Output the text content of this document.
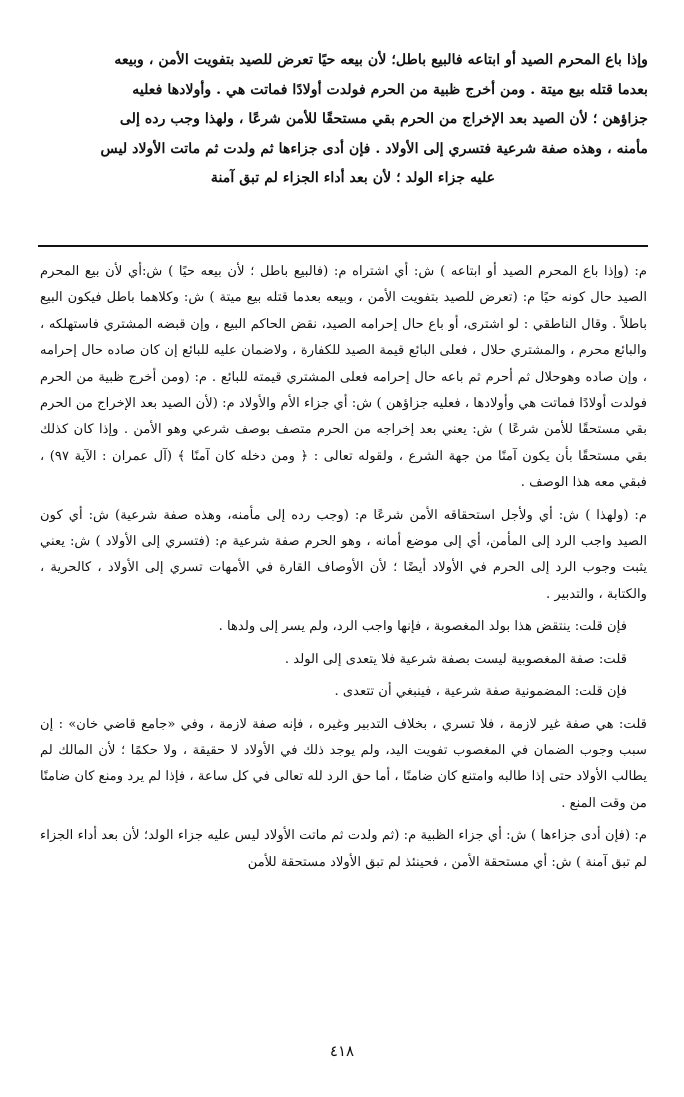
وإذا باع المحرم الصيد أو ابتاعه فالبيع باطل؛ لأن بيعه حيًا تعرض للصيد بتفويت الأمن ، وبيعه

بعدما قتله بيع ميتة . ومن أخرج ظبية من الحرم فولدت أولادًا فماتت هي . وأولادها فعليه

جزاؤهن ؛ لأن الصيد بعد الإخراج من الحرم بقي مستحقًا للأمن شرعًا ، ولهذا وجب رده إلى

مأمنه ، وهذه صفة شرعية فتسري إلى الأولاد . فإن أدى جزاءها ثم ولدت ثم ماتت الأولاد ليس

عليه جزاء الولد ؛ لأن بعد أداء الجزاء لم تبق آمنة

م: (وإذا باع المحرم الصيد أو ابتاعه ) ش: أي اشتراه م: (فالبيع باطل ؛ لأن بيعه حيًا ) ش:أي لأن بيع المحرم الصيد حال كونه حيًا م: (تعرض للصيد بتفويت الأمن ، وبيعه بعدما قتله بيع ميتة ) ش: وكلاهما باطل فيكون البيع باطلاً . وقال الناطقي : لو اشترى، أو باع حال إحرامه الصيد، نقض الحاكم البيع ، وإن قبضه المشتري فاستهلكه ، والبائع محرم ، والمشتري حلال ، فعلى البائع قيمة الصيد للكفارة ، ولاضمان عليه للبائع إن كان صاده حال إحرامه ، وإن صاده وهوحلال ثم أحرم ثم باعه حال إحرامه فعلى المشتري قيمته للبائع . م: (ومن أخرج ظبية من الحرم فولدت أولادًا فماتت هي وأولادها ، فعليه جزاؤهن ) ش: أي جزاء الأم والأولاد م: (لأن الصيد بعد الإخراج من الحرم بقي مستحقًا للأمن شرعًا ) ش: يعني بعد إخراجه من الحرم متصف بوصف شرعي وهو الأمن . وإذا كان كذلك بقي مستحقًا بأن يكون آمنًا من جهة الشرع ، ولقوله تعالى : ﴿ ومن دخله كان آمنًا ﴾ (آل عمران : الآية ٩٧) ، فبقي معه هذا الوصف .

م: (ولهذا ) ش: أي ولأجل استحقاقه الأمن شرعًا م: (وجب رده إلى مأمنه، وهذه صفة شرعية) ش: أي كون الصيد واجب الرد إلى المأمن، أي إلى موضع أمانه ، وهو الحرم صفة شرعية م: (فتسري إلى الأولاد ) ش: يعني يثبت وجوب الرد إلى الحرم في الأولاد أيضًا ؛ لأن الأوصاف القارة في الأمهات تسري إلى الأولاد ، كالحرية ، والكتابة ، والتدبير .

فإن قلت: ينتقض هذا بولد المغصوبة ، فإنها واجب الرد، ولم يسر إلى ولدها .

قلت: صفة المغصوبية ليست بصفة شرعية فلا يتعدى إلى الولد .

فإن قلت: المضمونية صفة شرعية ، فينبغي أن تتعدى .

قلت: هي صفة غير لازمة ، فلا تسري ، بخلاف التدبير وغيره ، فإنه صفة لازمة ، وفي «جامع قاضي خان» : إن سبب وجوب الضمان في المغصوب تفويت اليد، ولم يوجد ذلك في الأولاد لا حقيقة ، ولا حكمًا ؛ لأن المالك لم يطالب الأولاد حتى إذا طالبه وامتنع كان ضامنًا ، أما حق الرد لله تعالى في كل ساعة ، فإذا لم يرد ومنع كان ضامنًا من وقت المنع .

م: (فإن أدى جزاءها ) ش: أي جزاء الظبية م: (ثم ولدت ثم ماتت الأولاد ليس عليه جزاء الولد؛ لأن بعد أداء الجزاء لم تبق آمنة ) ش: أي مستحقة الأمن ، فحينئذ لم تبق الأولاد مستحقة للأمن

٤١٨
